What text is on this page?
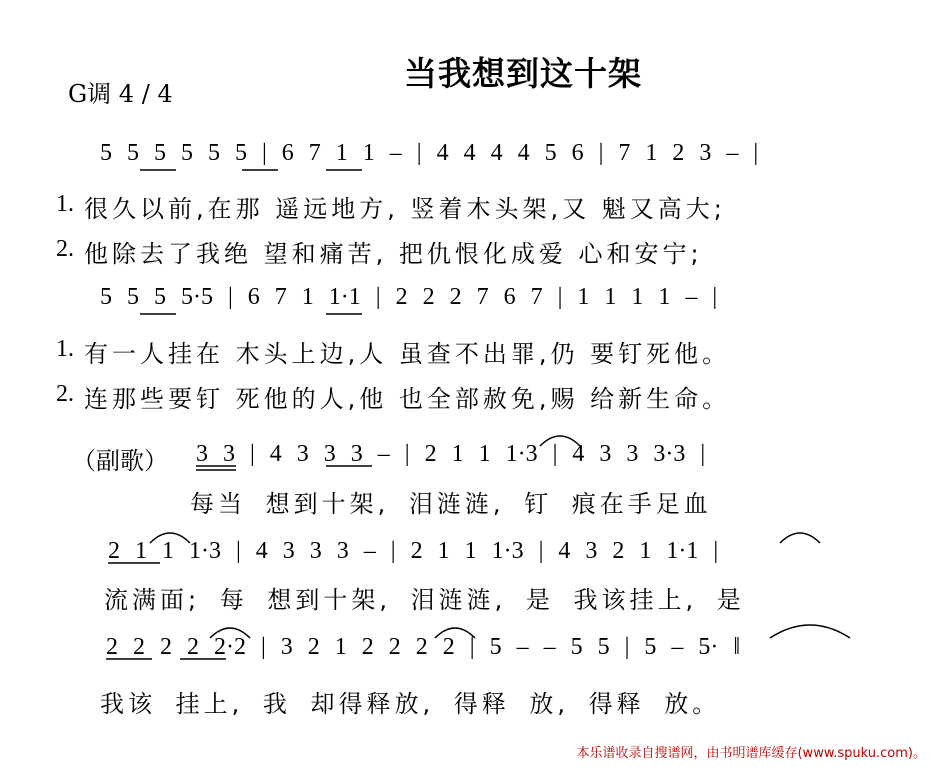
当我想到这十架
G调 4 / 4
5 5 5 5 5 5 | 6 7 1 1 – | 4 4 4 4 5 6 | 7 1 2 3 – |
1. 很久以前,在那 遥远地方, 竖着木头架,又 魁又高大;
2. 他除去了我绝 望和痛苦, 把仇恨化成爱 心和安宁;
5 5 5 5·5 | 6 7 1 1·1 | 2 2 2 7 6 7 | 1 1 1 1 – |
1. 有一人挂在 木头上边,人 虽查不出罪,仍 要钉死他。
2. 连那些要钉 死他的人,他 也全部赦免,赐 给新生命。
（副歌） 3 3 | 4 3 3 3 – | 2 1 1 1·3 | 4 3 3 3·3 |
每当 想到十架, 泪涟涟, 钉 痕在手足血
2 1 1 1·3 | 4 3 3 3 – | 2 1 1 1·3 | 4 3 2 1 1·1 |
流满面; 每 想到十架, 泪涟涟, 是 我该挂上, 是
2 2 2 2 2·2 | 3 2 1 2 2 2 2 | 5 – – 5 5 | 5 – 5· ‖
我该 挂上, 我 却得释放, 得释 放, 得释 放。
本乐谱收录自搜谱网，由书明谱库缓存(www.spuku.com)。
